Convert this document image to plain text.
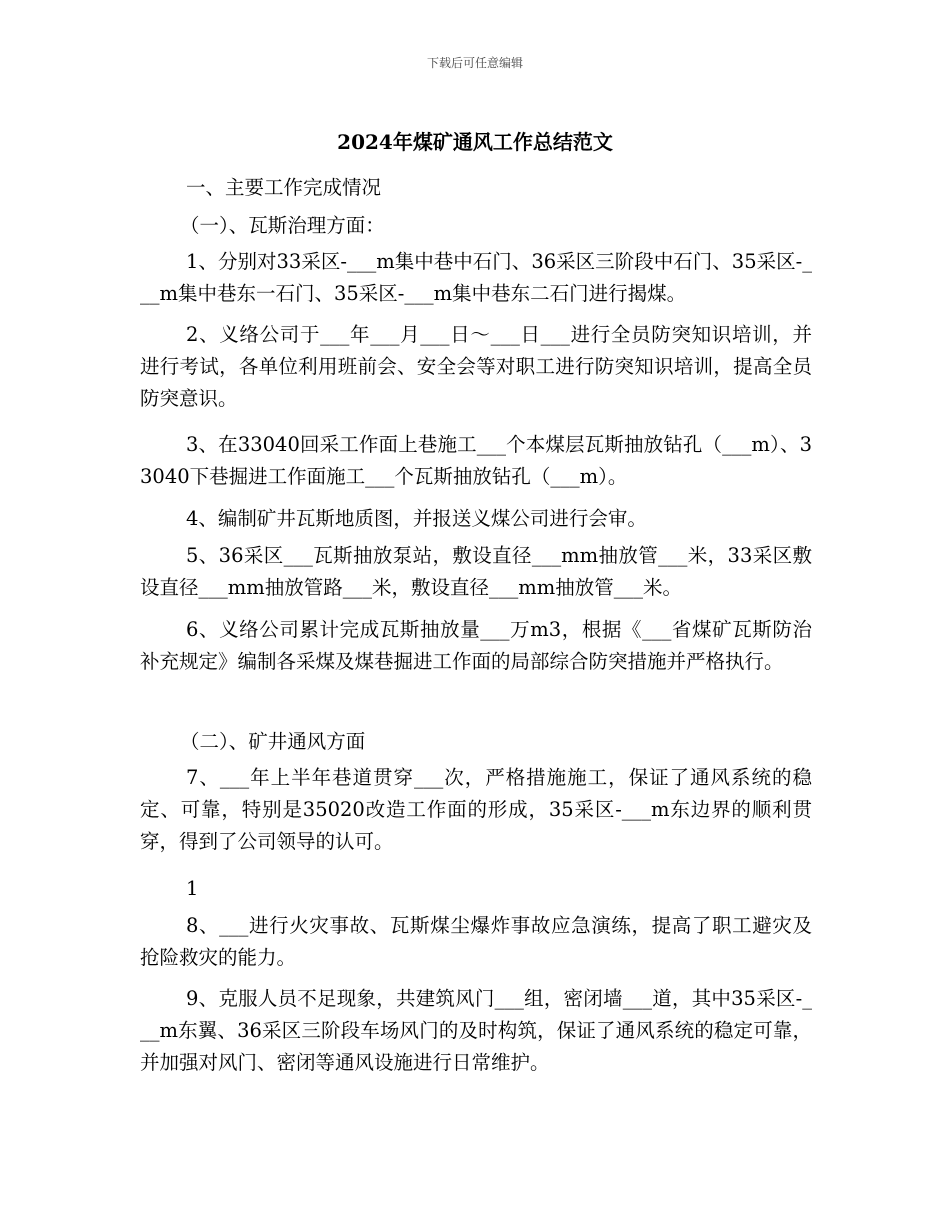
下载后可任意编辑
2024年煤矿通风工作总结范文
一、主要工作完成情况
（一）、瓦斯治理方面：
1、分别对33采区-___m集中巷中石门、36采区三阶段中石门、35采区-___m集中巷东一石门、35采区-___m集中巷东二石门进行揭煤。
2、义络公司于___年___月___日～___日___进行全员防突知识培训，并进行考试，各单位利用班前会、安全会等对职工进行防突知识培训，提高全员防突意识。
3、在33040回采工作面上巷施工___个本煤层瓦斯抽放钻孔（___m）、33040下巷掘进工作面施工___个瓦斯抽放钻孔（___m）。
4、编制矿井瓦斯地质图，并报送义煤公司进行会审。
5、36采区___瓦斯抽放泵站，敷设直径___mm抽放管___米，33采区敷设直径___mm抽放管路___米，敷设直径___mm抽放管___米。
6、义络公司累计完成瓦斯抽放量___万m3，根据《___省煤矿瓦斯防治补充规定》编制各采煤及煤巷掘进工作面的局部综合防突措施并严格执行。
（二）、矿井通风方面
7、___年上半年巷道贯穿___次，严格措施施工，保证了通风系统的稳定、可靠，特别是35020改造工作面的形成，35采区-___m东边界的顺利贯穿，得到了公司领导的认可。
1
8、___进行火灾事故、瓦斯煤尘爆炸事故应急演练，提高了职工避灾及抢险救灾的能力。
9、克服人员不足现象，共建筑风门___组，密闭墙___道，其中35采区-___m东翼、36采区三阶段车场风门的及时构筑，保证了通风系统的稳定可靠，并加强对风门、密闭等通风设施进行日常维护。
